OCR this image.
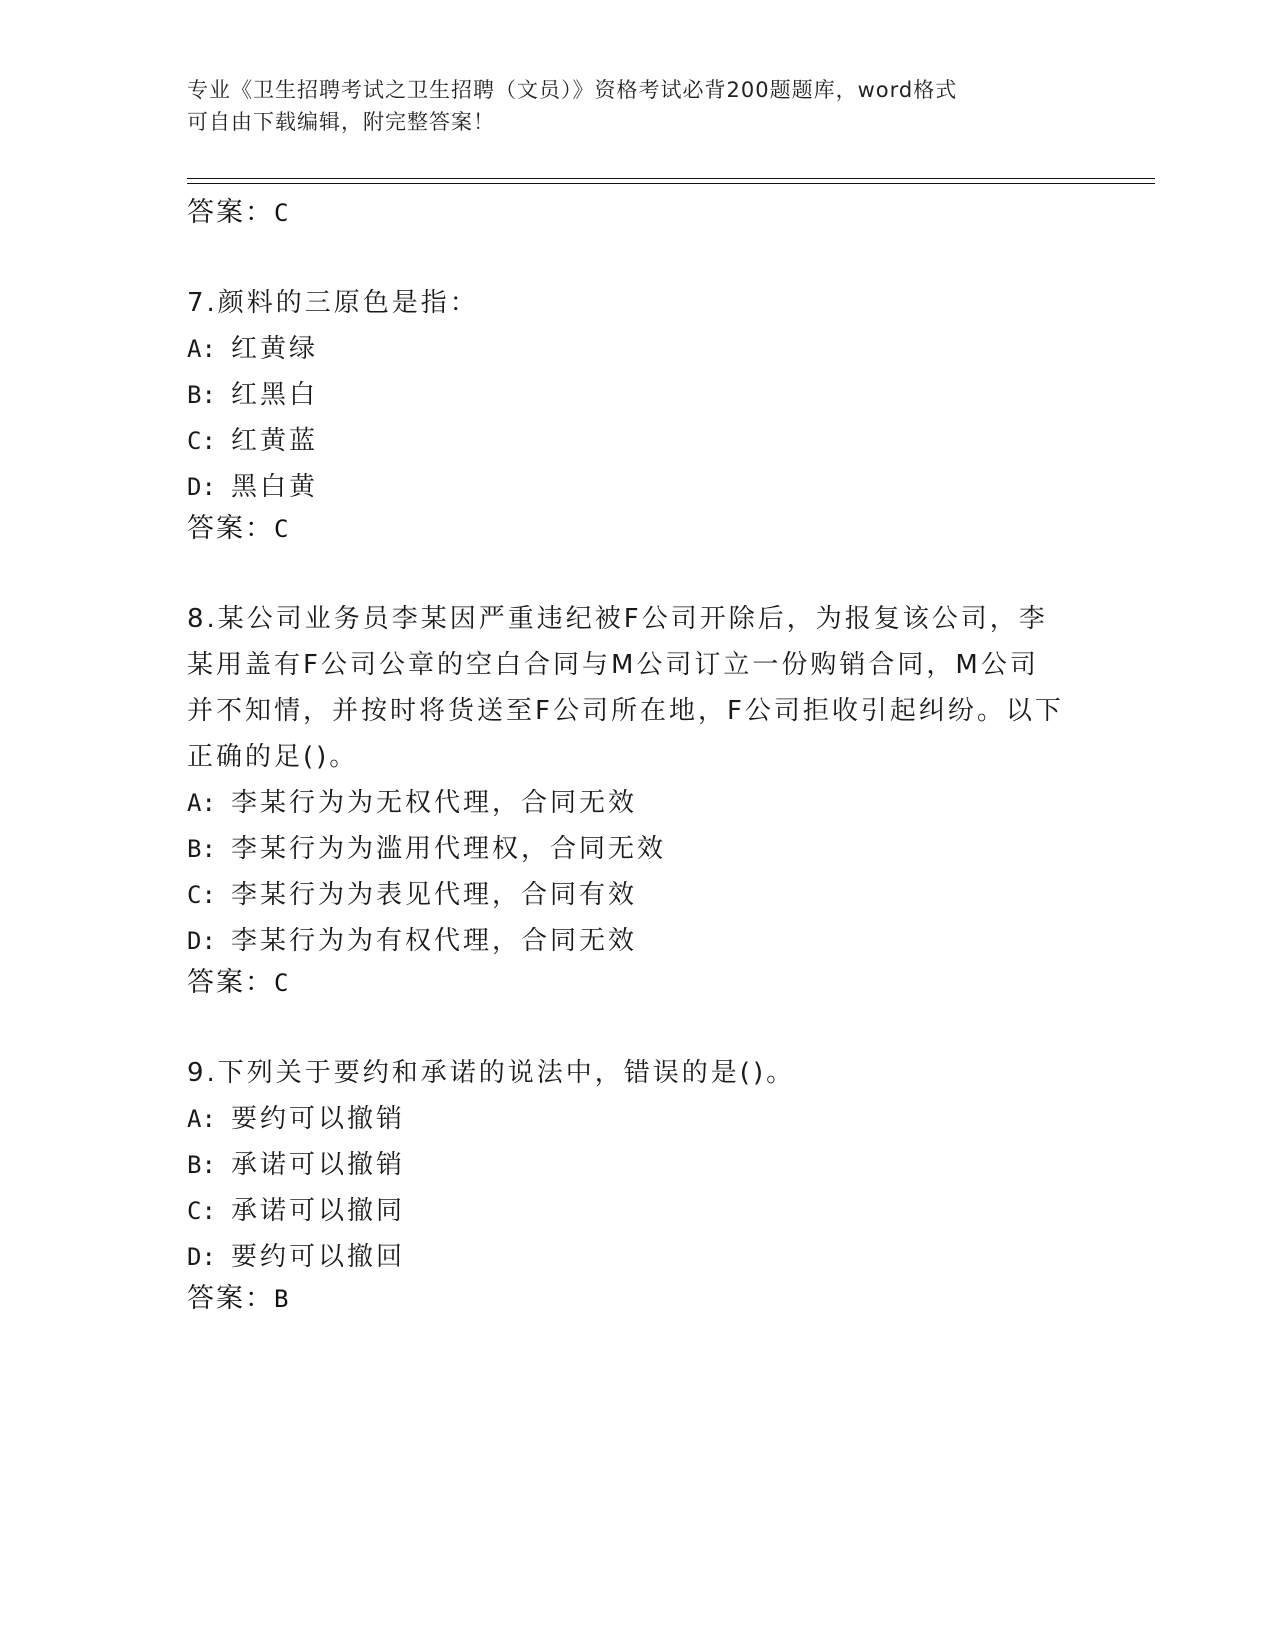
专业《卫生招聘考试之卫生招聘（文员）》资格考试必背200题题库，word格式
可自由下载编辑，附完整答案！
答案：C

7.颜料的三原色是指：

A: 红黄绿

B: 红黑白

C: 红黄蓝

D: 黑白黄

答案：C

8.某公司业务员李某因严重违纪被F公司开除后，为报复该公司，李某用盖有F公司公章的空白合同与M公司订立一份购销合同，M公司并不知情，并按时将货送至F公司所在地，F公司拒收引起纠纷。以下正确的足()。

A: 李某行为为无权代理，合同无效

B: 李某行为为滥用代理权，合同无效

C: 李某行为为表见代理，合同有效

D: 李某行为为有权代理，合同无效

答案：C

9.下列关于要约和承诺的说法中，错误的是()。

A: 要约可以撤销

B: 承诺可以撤销

C: 承诺可以撤同

D: 要约可以撤回

答案：B
